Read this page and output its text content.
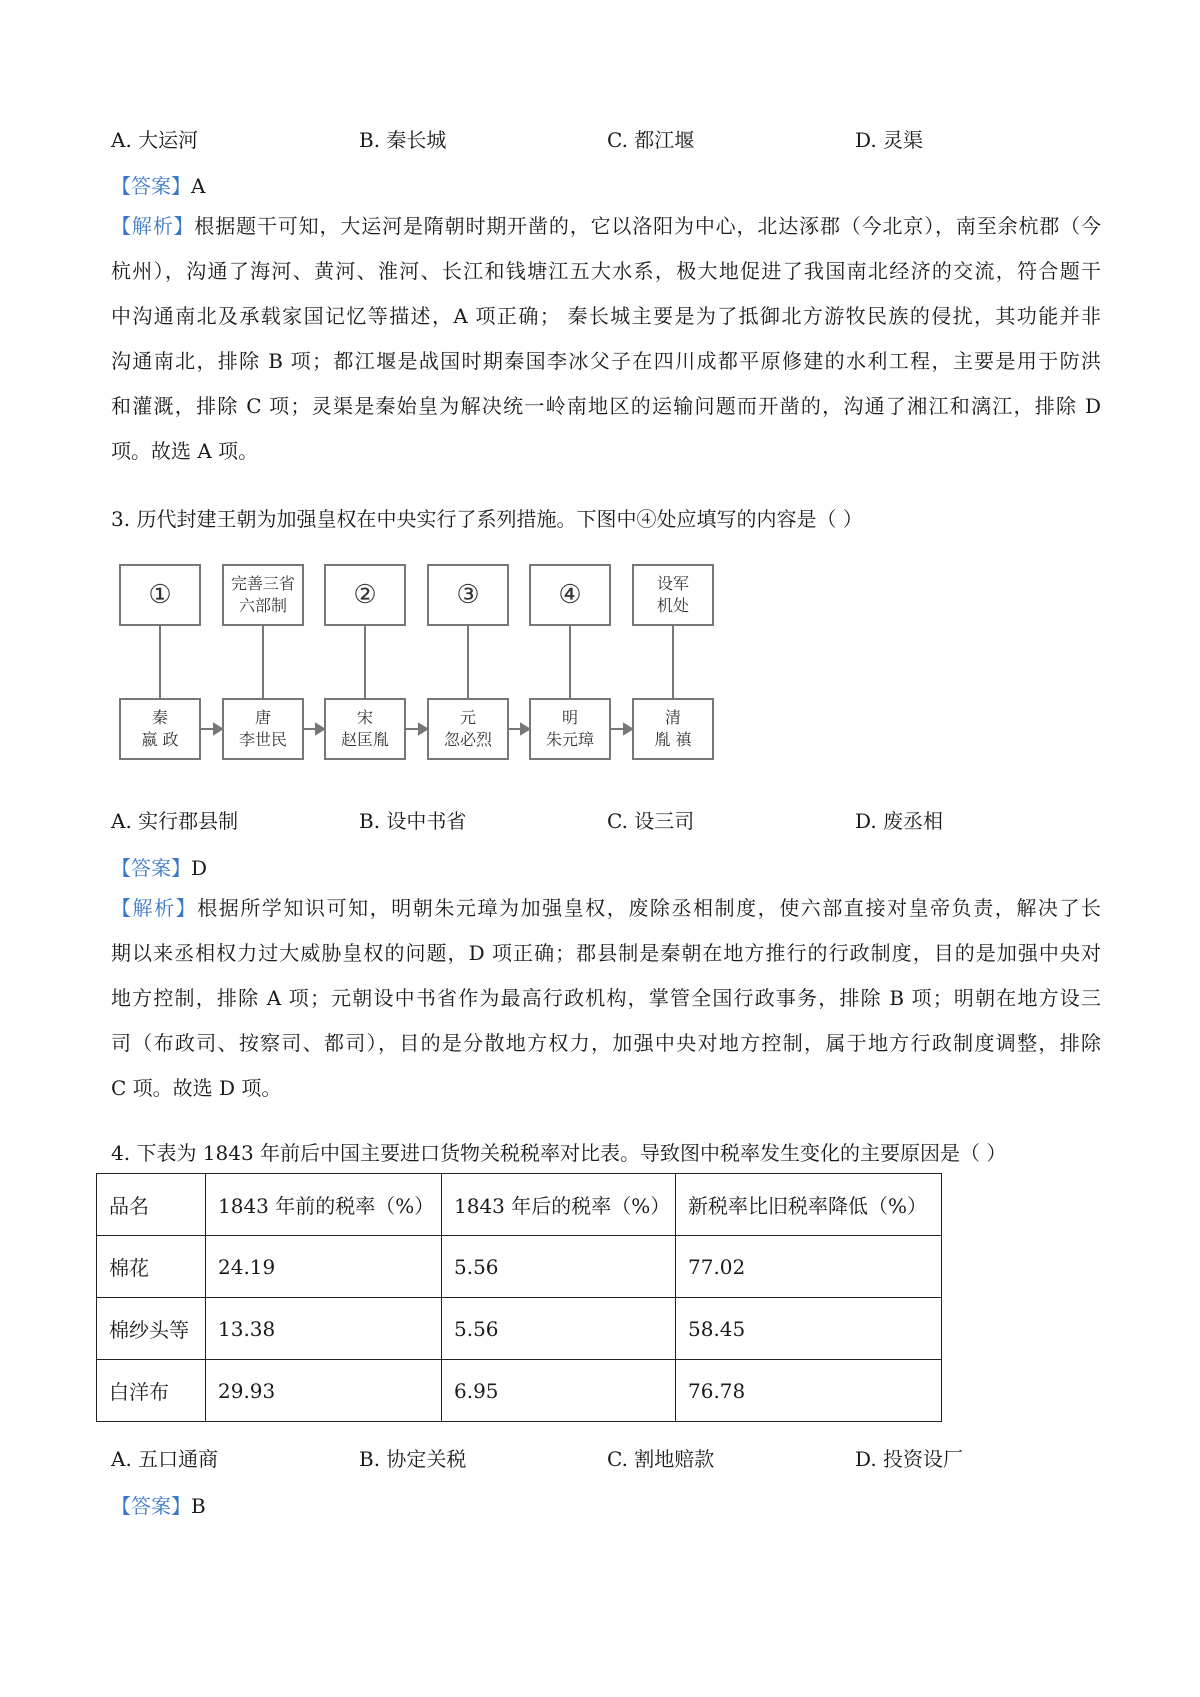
A. 大运河	B. 秦长城	C. 都江堰	D. 灵渠
【答案】A
【解析】根据题干可知，大运河是隋朝时期开凿的，它以洛阳为中心，北达涿郡（今北京），南至余杭郡（今
杭州），沟通了海河、黄河、淮河、长江和钱塘江五大水系，极大地促进了我国南北经济的交流，符合题干
中沟通南北及承载家国记忆等描述，A 项正确； 秦长城主要是为了抵御北方游牧民族的侵扰，其功能并非
沟通南北，排除 B 项；都江堰是战国时期秦国李冰父子在四川成都平原修建的水利工程，主要是用于防洪
和灌溉，排除 C 项；灵渠是秦始皇为解决统一岭南地区的运输问题而开凿的，沟通了湘江和漓江，排除 D
项。故选 A 项。
3. 历代封建王朝为加强皇权在中央实行了系列措施。下图中④处应填写的内容是（ ）
①	完善三省
六部制	②	③	④	设军
机处
秦
嬴 政
唐
李世民
宋
赵匡胤
元
忽必烈
明
朱元璋
清
胤 禛
A. 实行郡县制	B. 设中书省	C. 设三司	D. 废丞相
【答案】D
【解析】根据所学知识可知，明朝朱元璋为加强皇权，废除丞相制度，使六部直接对皇帝负责，解决了长
期以来丞相权力过大威胁皇权的问题，D 项正确；郡县制是秦朝在地方推行的行政制度，目的是加强中央对
地方控制，排除 A 项；元朝设中书省作为最高行政机构，掌管全国行政事务，排除 B 项；明朝在地方设三
司（布政司、按察司、都司），目的是分散地方权力，加强中央对地方控制，属于地方行政制度调整，排除
C 项。故选 D 项。
4. 下表为 1843 年前后中国主要进口货物关税税率对比表。导致图中税率发生变化的主要原因是（ ）
品名	1843 年前的税率（%）	1843 年后的税率（%）	新税率比旧税率降低（%）
棉花	24.19	5.56	77.02
棉纱头等	13.38	5.56	58.45
白洋布	29.93	6.95	76.78
A. 五口通商	B. 协定关税	C. 割地赔款	D. 投资设厂
【答案】B
